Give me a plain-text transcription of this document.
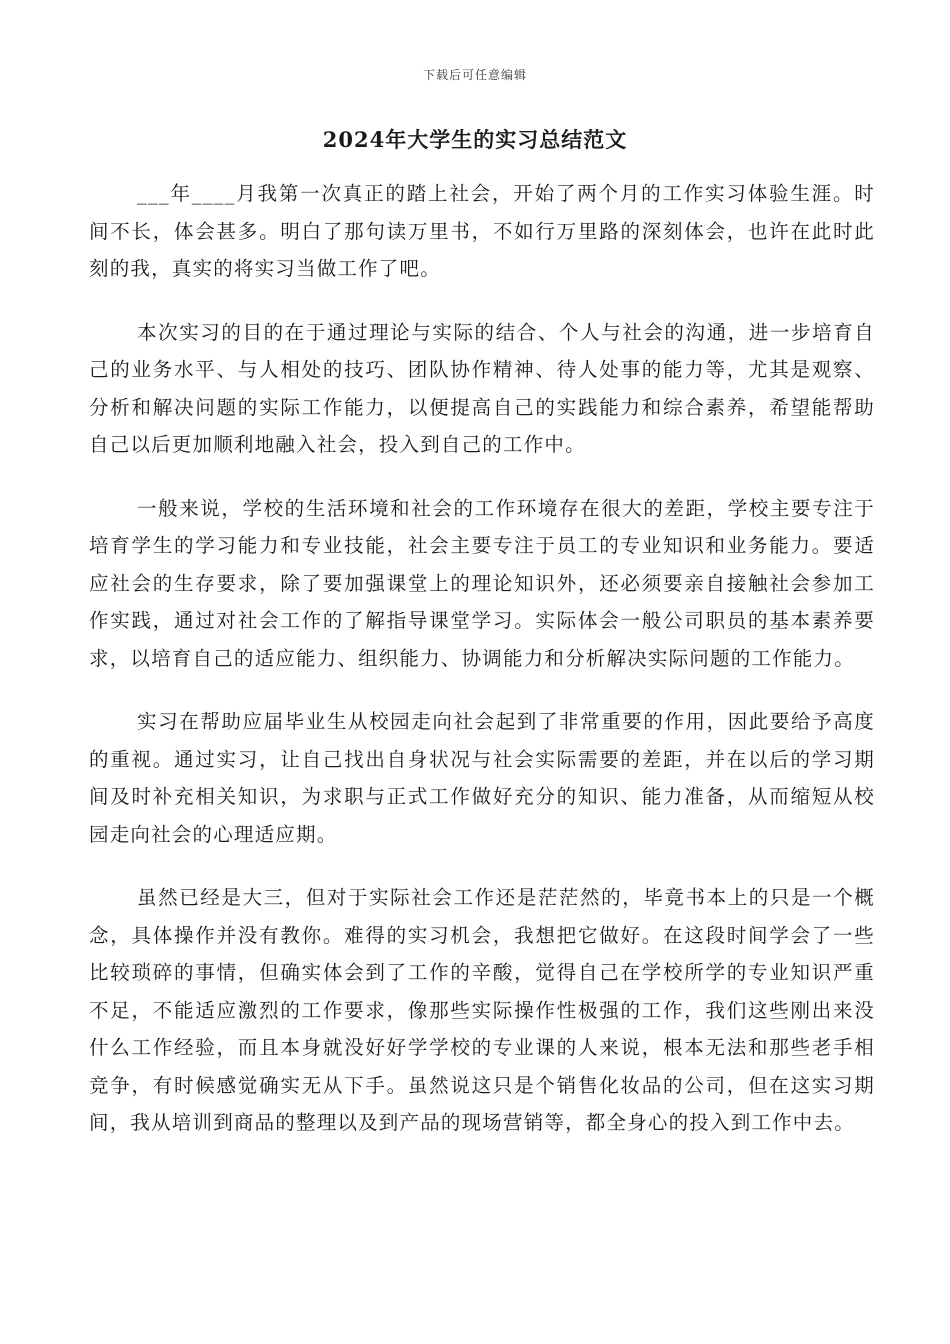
下载后可任意编辑
2024年大学生的实习总结范文

___年____月我第一次真正的踏上社会，开始了两个月的工作实习体验生涯。时间不长，体会甚多。明白了那句读万里书，不如行万里路的深刻体会，也许在此时此刻的我，真实的将实习当做工作了吧。

本次实习的目的在于通过理论与实际的结合、个人与社会的沟通，进一步培育自己的业务水平、与人相处的技巧、团队协作精神、待人处事的能力等，尤其是观察、分析和解决问题的实际工作能力，以便提高自己的实践能力和综合素养，希望能帮助自己以后更加顺利地融入社会，投入到自己的工作中。

一般来说，学校的生活环境和社会的工作环境存在很大的差距，学校主要专注于培育学生的学习能力和专业技能，社会主要专注于员工的专业知识和业务能力。要适应社会的生存要求，除了要加强课堂上的理论知识外，还必须要亲自接触社会参加工作实践，通过对社会工作的了解指导课堂学习。实际体会一般公司职员的基本素养要求，以培育自己的适应能力、组织能力、协调能力和分析解决实际问题的工作能力。

实习在帮助应届毕业生从校园走向社会起到了非常重要的作用，因此要给予高度的重视。通过实习，让自己找出自身状况与社会实际需要的差距，并在以后的学习期间及时补充相关知识，为求职与正式工作做好充分的知识、能力准备，从而缩短从校园走向社会的心理适应期。

虽然已经是大三，但对于实际社会工作还是茫茫然的，毕竟书本上的只是一个概念，具体操作并没有教你。难得的实习机会，我想把它做好。在这段时间学会了一些比较琐碎的事情，但确实体会到了工作的辛酸，觉得自己在学校所学的专业知识严重不足，不能适应激烈的工作要求，像那些实际操作性极强的工作，我们这些刚出来没什么工作经验，而且本身就没好好学学校的专业课的人来说，根本无法和那些老手相竞争，有时候感觉确实无从下手。虽然说这只是个销售化妆品的公司，但在这实习期间，我从培训到商品的整理以及到产品的现场营销等，都全身心的投入到工作中去。
